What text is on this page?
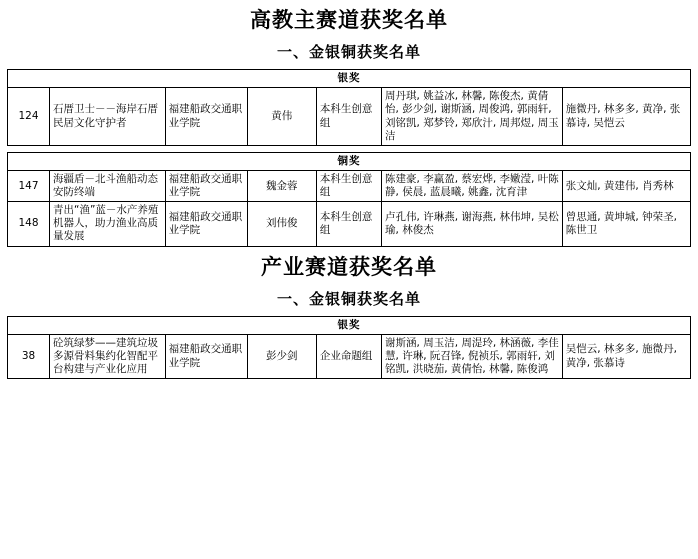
高教主赛道获奖名单
一、金银铜获奖名单
银奖
124	石厝卫士－－海岸石厝民居文化守护者	福建船政交通职业学院	黄伟	本科生创意组	周丹琪, 姚益冰, 林馨, 陈俊杰, 黄倩怡, 彭少剑, 谢斯涵, 周俊鸿, 郭雨轩, 刘铭凯, 郑梦铃, 郑欣汁, 周邦煜, 周玉洁	施微丹, 林多多, 黄净, 张慕诗, 吴恺云
铜奖						
147	海疆盾－北斗渔船动态安防终端	福建船政交通职业学院	魏金蓉	本科生创意组	陈建豪, 李赢盈, 蔡宏烨, 李嫩滢, 叶陈静, 侯晨, 蓝晨曦, 姚鑫, 沈育津	张文灿, 黄建伟, 肖秀林
148	青出“渔”蓝－水产养殖机器人，助力渔业高质量发展	福建船政交通职业学院	刘伟俊	本科生创意组	卢孔伟, 许琳燕, 谢海燕, 林伟坤, 吴松瑜, 林俊杰	曾思通, 黄坤城, 钟荣圣, 陈世卫
产业赛道获奖名单
一、金银铜获奖名单
银奖
38	砼筑绿梦——建筑垃圾多源骨料集约化智配平台构建与产业化应用	福建船政交通职业学院	彭少剑	企业命题组	谢斯涵, 周玉洁, 周湜玲, 林涵薇, 李佳慧, 许琳, 阮召锋, 倪祯乐, 郭雨轩, 刘铭凯, 洪晓茄, 黄倩怡, 林馨, 陈俊鸿	吴恺云, 林多多, 施微丹, 黄净, 张慕诗
